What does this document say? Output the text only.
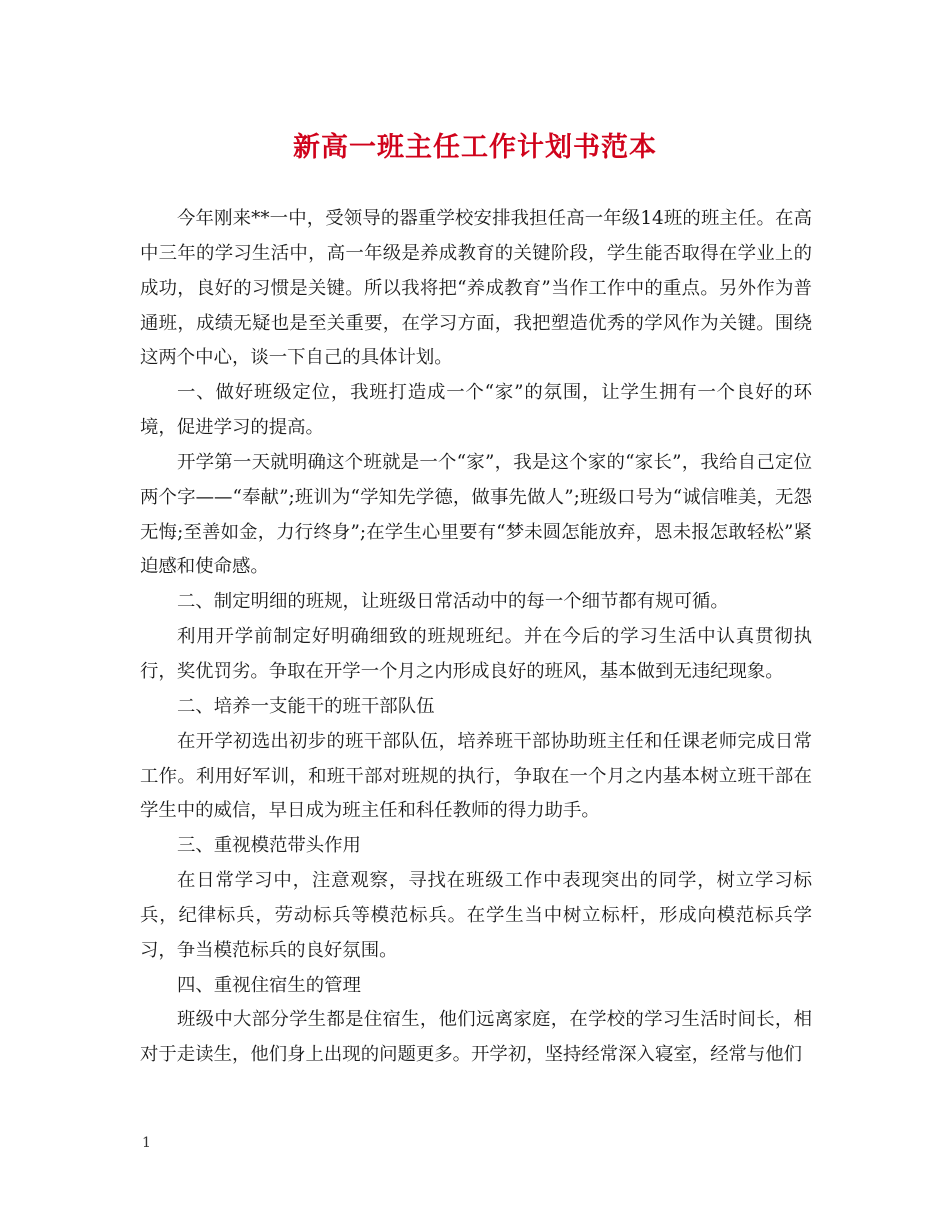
新高一班主任工作计划书范本

今年刚来**一中，受领导的器重学校安排我担任高一年级14班的班主任。在高中三年的学习生活中，高一年级是养成教育的关键阶段，学生能否取得在学业上的成功，良好的习惯是关键。所以我将把“养成教育”当作工作中的重点。另外作为普通班，成绩无疑也是至关重要，在学习方面，我把塑造优秀的学风作为关键。围绕这两个中心，谈一下自己的具体计划。

一、做好班级定位，我班打造成一个“家”的氛围，让学生拥有一个良好的环境，促进学习的提高。

开学第一天就明确这个班就是一个“家”，我是这个家的“家长”，我给自己定位两个字——“奉献”;班训为“学知先学德，做事先做人”;班级口号为“诚信唯美，无怨无悔;至善如金，力行终身”;在学生心里要有“梦未圆怎能放弃，恩未报怎敢轻松”紧迫感和使命感。

二、制定明细的班规，让班级日常活动中的每一个细节都有规可循。

利用开学前制定好明确细致的班规班纪。并在今后的学习生活中认真贯彻执行，奖优罚劣。争取在开学一个月之内形成良好的班风，基本做到无违纪现象。

二、培养一支能干的班干部队伍

在开学初选出初步的班干部队伍，培养班干部协助班主任和任课老师完成日常工作。利用好军训，和班干部对班规的执行，争取在一个月之内基本树立班干部在学生中的威信，早日成为班主任和科任教师的得力助手。

三、重视模范带头作用

在日常学习中，注意观察，寻找在班级工作中表现突出的同学，树立学习标兵，纪律标兵，劳动标兵等模范标兵。在学生当中树立标杆，形成向模范标兵学习，争当模范标兵的良好氛围。

四、重视住宿生的管理

班级中大部分学生都是住宿生，他们远离家庭，在学校的学习生活时间长，相对于走读生，他们身上出现的问题更多。开学初，坚持经常深入寝室，经常与他们

1
